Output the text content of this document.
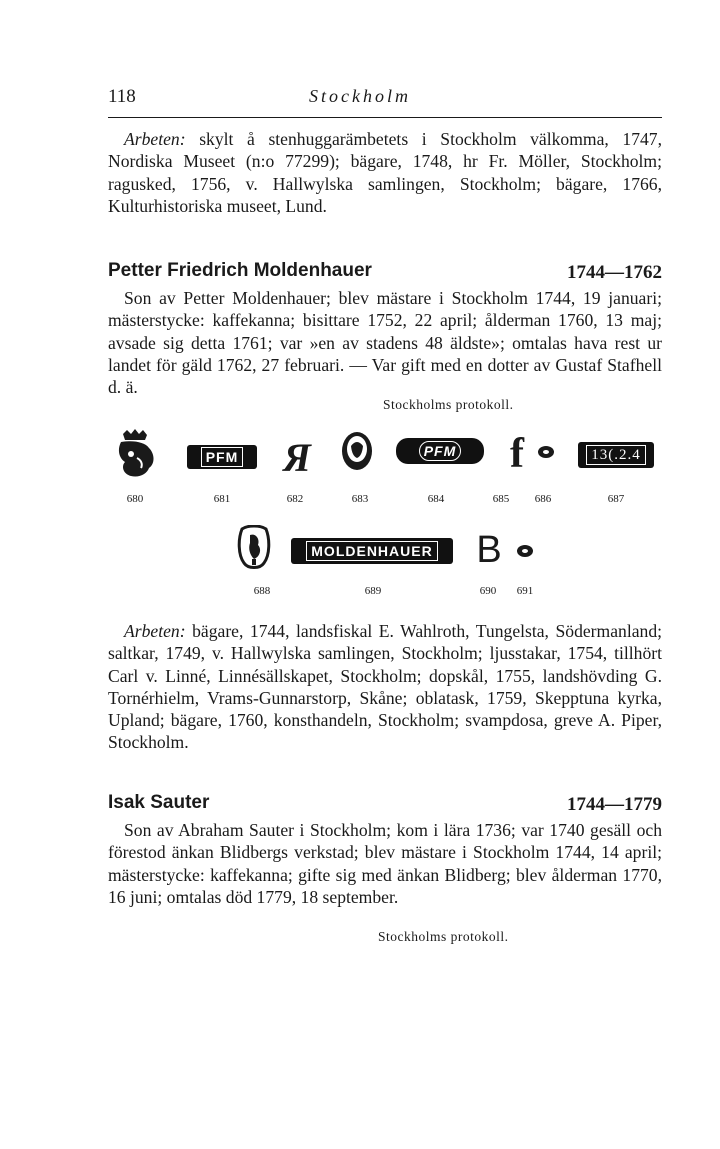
118	Stockholm
Arbeten: skylt å stenhuggarämbetets i Stockholm välkomma, 1747, Nordiska Museet (n:o 77299); bägare, 1748, hr Fr. Möller, Stockholm; ragusked, 1756, v. Hallwylska samlingen, Stockholm; bägare, 1766, Kulturhistoriska museet, Lund.
Petter Friedrich Moldenhauer	1744—1762
Son av Petter Moldenhauer; blev mästare i Stockholm 1744, 19 januari; mästerstycke: kaffekanna; bisittare 1752, 22 april; ålderman 1760, 13 maj; avsade sig detta 1761; var »en av stadens 48 äldste»; omtalas hava rest ur landet för gäld 1762, 27 februari. — Var gift med en dotter av Gustaf Stafhell d. ä.
Stockholms protokoll.
PFM Я	PFM f	13(.2.4
680	681	682	683	684	685	686	687
MOLDENHAUER B
688	689	690	691
Arbeten: bägare, 1744, landsfiskal E. Wahlroth, Tungelsta, Södermanland; saltkar, 1749, v. Hallwylska samlingen, Stockholm; ljusstakar, 1754, tillhört Carl v. Linné, Linnésällskapet, Stockholm; dopskål, 1755, landshövding G. Tornérhielm, Vrams-Gunnarstorp, Skåne; oblatask, 1759, Skepptuna kyrka, Upland; bägare, 1760, konsthandeln, Stockholm; svampdosa, greve A. Piper, Stockholm.
Isak Sauter	1744—1779
Son av Abraham Sauter i Stockholm; kom i lära 1736; var 1740 gesäll och förestod änkan Blidbergs verkstad; blev mästare i Stockholm 1744, 14 april; mästerstycke: kaffekanna; gifte sig med änkan Blidberg; blev ålderman 1770, 16 juni; omtalas död 1779, 18 september.
Stockholms protokoll.
